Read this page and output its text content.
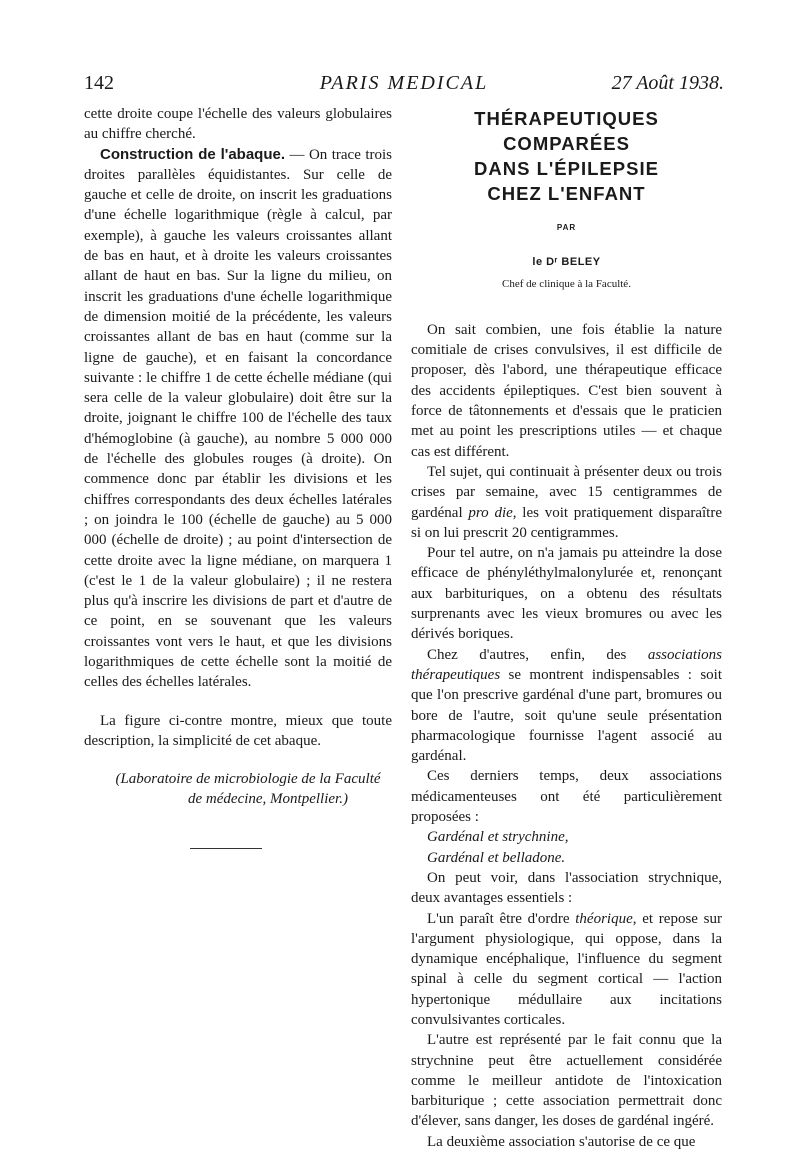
142	PARIS MEDICAL	27 Août 1938.

cette droite coupe l'échelle des valeurs globulaires au chiffre cherché.

Construction de l'abaque. — On trace trois droites parallèles équidistantes. Sur celle de gauche et celle de droite, on inscrit les graduations d'une échelle logarithmique (règle à calcul, par exemple), à gauche les valeurs croissantes allant de bas en haut, et à droite les valeurs croissantes allant de haut en bas. Sur la ligne du milieu, on inscrit les graduations d'une échelle logarithmique de dimension moitié de la précédente, les valeurs croissantes allant de bas en haut (comme sur la ligne de gauche), et en faisant la concordance suivante : le chiffre 1 de cette échelle médiane (qui sera celle de la valeur globulaire) doit être sur la droite, joignant le chiffre 100 de l'échelle des taux d'hémoglobine (à gauche), au nombre 5 000 000 de l'échelle des globules rouges (à droite). On commence donc par établir les divisions et les chiffres correspondants des deux échelles latérales ; on joindra le 100 (échelle de gauche) au 5 000 000 (échelle de droite) ; au point d'intersection de cette droite avec la ligne médiane, on marquera 1 (c'est le 1 de la valeur globulaire) ; il ne restera plus qu'à inscrire les divisions de part et d'autre de ce point, en se souvenant que les valeurs croissantes vont vers le haut, et que les divisions logarithmiques de cette échelle sont la moitié de celles des échelles latérales.

La figure ci-contre montre, mieux que toute description, la simplicité de cet abaque.

(Laboratoire de microbiologie de la Faculté
de médecine, Montpellier.)
THÉRAPEUTIQUES
COMPARÉES
DANS L'ÉPILEPSIE
CHEZ L'ENFANT
PAR
le Dʳ BELEY
Chef de clinique à la Faculté.

On sait combien, une fois établie la nature comitiale de crises convulsives, il est difficile de proposer, dès l'abord, une thérapeutique efficace des accidents épileptiques. C'est bien souvent à force de tâtonnements et d'essais que le praticien met au point les prescriptions utiles — et chaque cas est différent.

Tel sujet, qui continuait à présenter deux ou trois crises par semaine, avec 15 centigrammes de gardénal pro die, les voit pratiquement disparaître si on lui prescrit 20 centigrammes.

Pour tel autre, on n'a jamais pu atteindre la dose efficace de phényléthylmalonylurée et, renonçant aux barbituriques, on a obtenu des résultats surprenants avec les vieux bromures ou avec les dérivés boriques.

Chez d'autres, enfin, des associations thérapeutiques se montrent indispensables : soit que l'on prescrive gardénal d'une part, bromures ou bore de l'autre, soit qu'une seule présentation pharmacologique fournisse l'agent associé au gardénal.

Ces derniers temps, deux associations médicamenteuses ont été particulièrement proposées :

Gardénal et strychnine,

Gardénal et belladone.

On peut voir, dans l'association strychnique, deux avantages essentiels :

L'un paraît être d'ordre théorique, et repose sur l'argument physiologique, qui oppose, dans la dynamique encéphalique, l'influence du segment spinal à celle du segment cortical — l'action hypertonique médullaire aux incitations convulsivantes corticales.

L'autre est représenté par le fait connu que la strychnine peut être actuellement considérée comme le meilleur antidote de l'intoxication barbiturique ; cette association permettrait donc d'élever, sans danger, les doses de gardénal ingéré.

La deuxième association s'autorise de ce que
